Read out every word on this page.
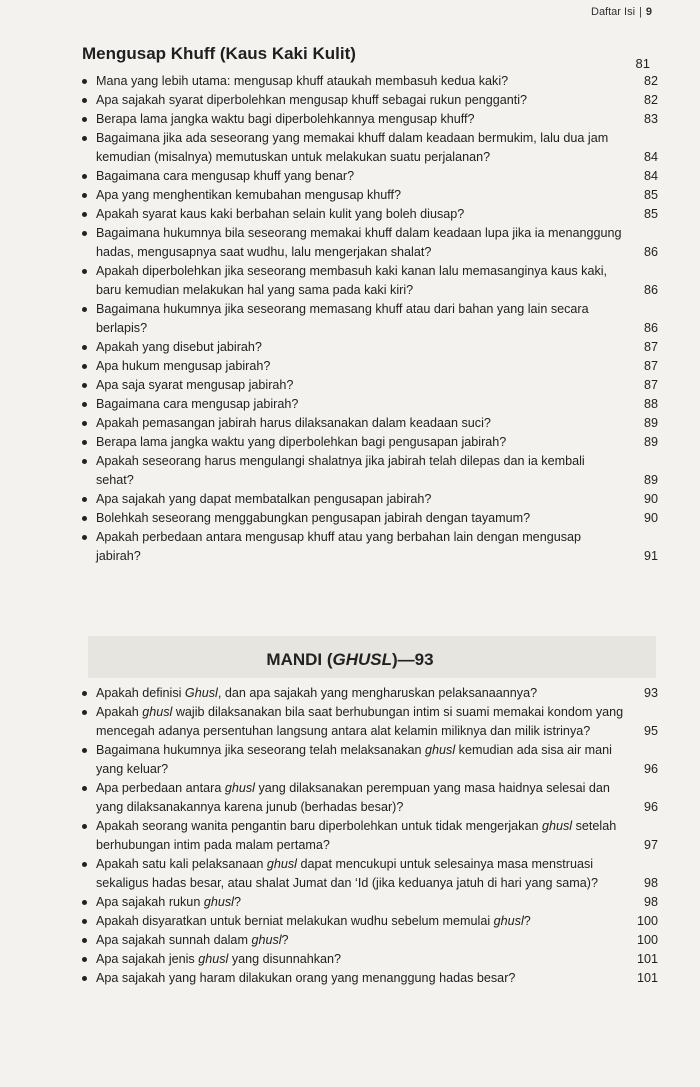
Daftar Isi | 9
Mengusap Khuff (Kaus Kaki Kulit)
81
Mana yang lebih utama: mengusap khuff ataukah membasuh kedua kaki?	82
Apa sajakah syarat diperbolehkan mengusap khuff sebagai rukun pengganti?	82
Berapa lama jangka waktu bagi diperbolehkannya mengusap khuff?	83
Bagaimana jika ada seseorang yang memakai khuff dalam keadaan bermukim, lalu dua jam kemudian (misalnya) memutuskan untuk melakukan suatu perjalanan?	84
Bagaimana cara mengusap khuff yang benar?	84
Apa yang menghentikan kemubahan mengusap khuff?	85
Apakah syarat kaus kaki berbahan selain kulit yang boleh diusap?	85
Bagaimana hukumnya bila seseorang memakai khuff dalam keadaan lupa jika ia menanggung hadas, mengusapnya saat wudhu, lalu mengerjakan shalat?	86
Apakah diperbolehkan jika seseorang membasuh kaki kanan lalu memasanginya kaus kaki, baru kemudian melakukan hal yang sama pada kaki kiri?	86
Bagaimana hukumnya jika seseorang memasang khuff atau dari bahan yang lain secara berlapis?	86
Apakah yang disebut jabirah?	87
Apa hukum mengusap jabirah?	87
Apa saja syarat mengusap jabirah?	87
Bagaimana cara mengusap jabirah?	88
Apakah pemasangan jabirah harus dilaksanakan dalam keadaan suci?	89
Berapa lama jangka waktu yang diperbolehkan bagi pengusapan jabirah?	89
Apakah seseorang harus mengulangi shalatnya jika jabirah telah dilepas dan ia kembali sehat?	89
Apa sajakah yang dapat membatalkan pengusapan jabirah?	90
Bolehkah seseorang menggabungkan pengusapan jabirah dengan tayamum?	90
Apakah perbedaan antara mengusap khuff atau yang berbahan lain dengan mengusap jabirah?	91
MANDI (GHUSL)—93
Apakah definisi Ghusl, dan apa sajakah yang mengharuskan pelaksanaannya?	93
Apakah ghusl wajib dilaksanakan bila saat berhubungan intim si suami memakai kondom yang mencegah adanya persentuhan langsung antara alat kelamin miliknya dan milik istrinya?	95
Bagaimana hukumnya jika seseorang telah melaksanakan ghusl kemudian ada sisa air mani yang keluar?	96
Apa perbedaan antara ghusl yang dilaksanakan perempuan yang masa haidnya selesai dan yang dilaksanakannya karena junub (berhadas besar)?	96
Apakah seorang wanita pengantin baru diperbolehkan untuk tidak mengerjakan ghusl setelah berhubungan intim pada malam pertama?	97
Apakah satu kali pelaksanaan ghusl dapat mencukupi untuk selesainya masa menstruasi sekaligus hadas besar, atau shalat Jumat dan ‘Id (jika keduanya jatuh di hari yang sama)?	98
Apa sajakah rukun ghusl?	98
Apakah disyaratkan untuk berniat melakukan wudhu sebelum memulai ghusl?	100
Apa sajakah sunnah dalam ghusl?	100
Apa sajakah jenis ghusl yang disunnahkan?	101
Apa sajakah yang haram dilakukan orang yang menanggung hadas besar?	101
